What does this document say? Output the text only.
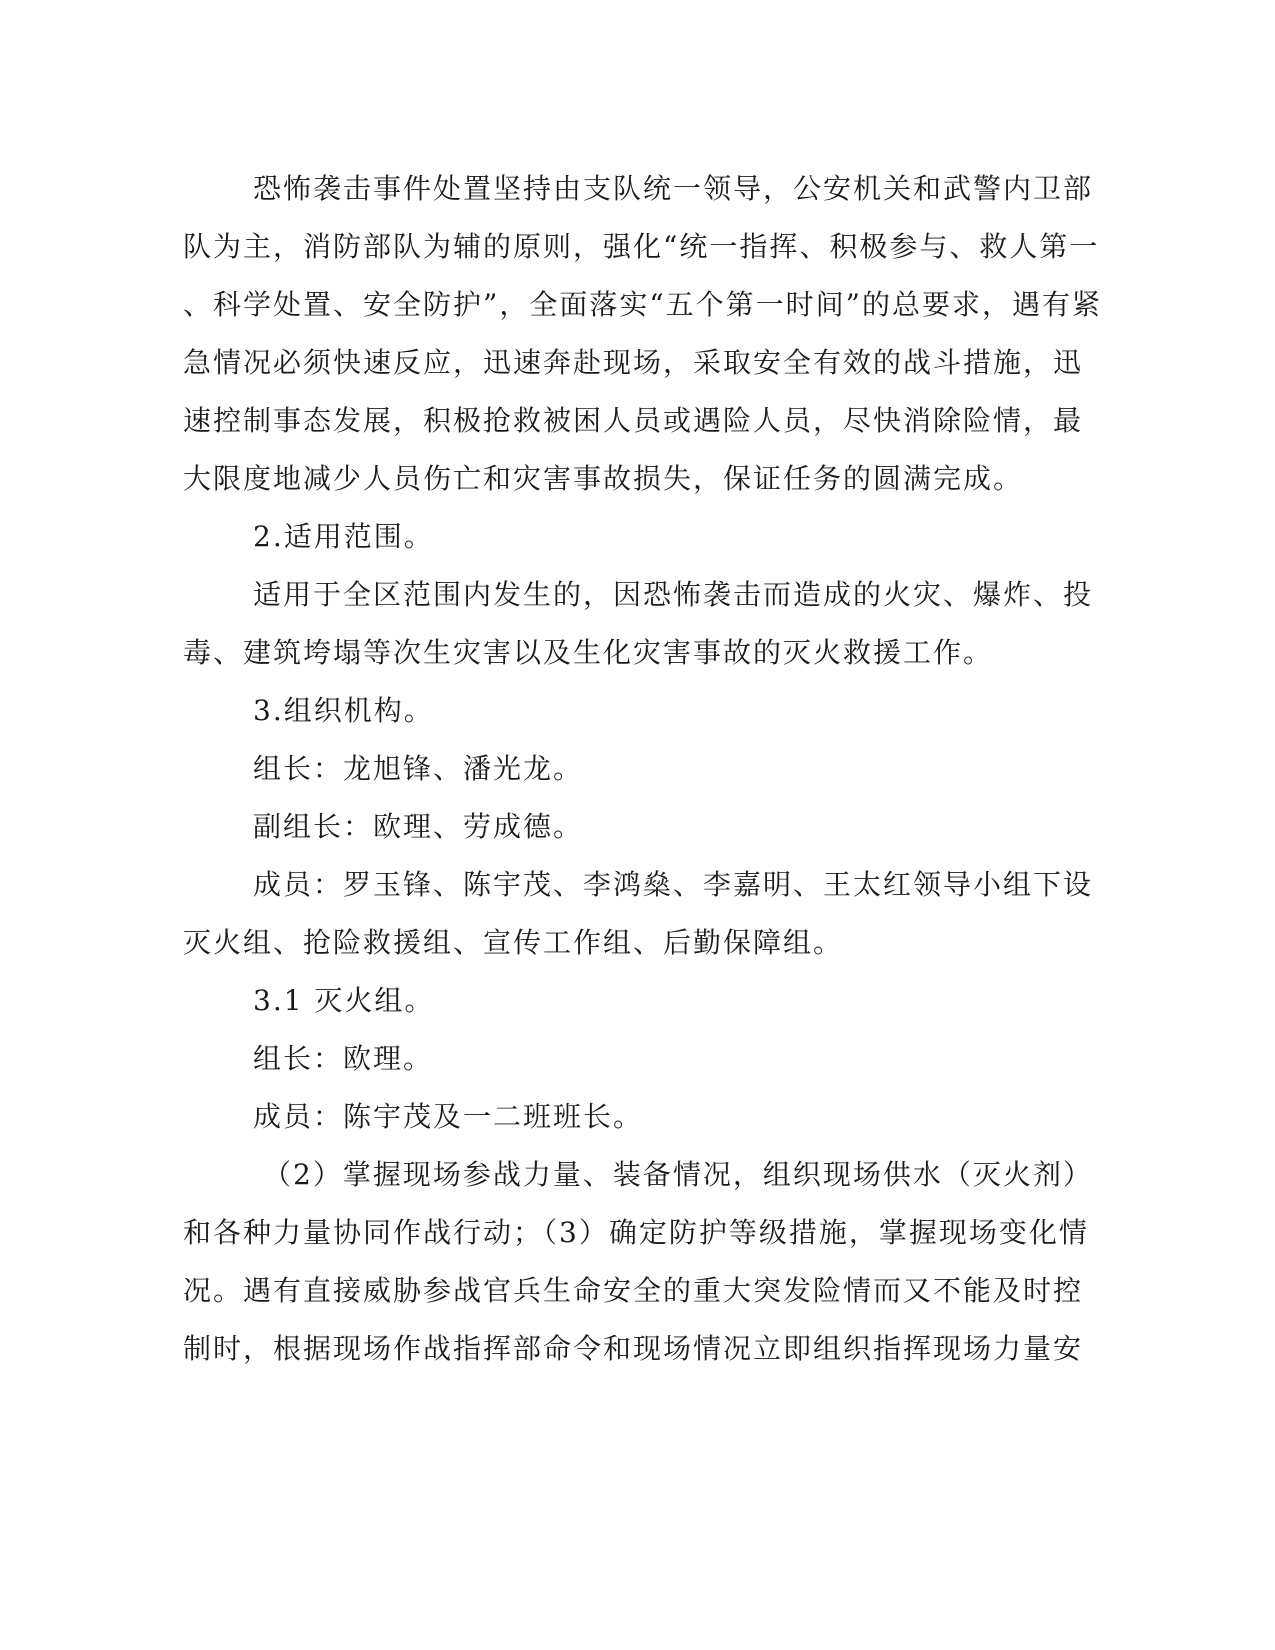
恐怖袭击事件处置坚持由支队统一领导，公安机关和武警内卫部
队为主，消防部队为辅的原则，强化“统一指挥、积极参与、救人第一
、科学处置、安全防护”，全面落实“五个第一时间”的总要求，遇有紧
急情况必须快速反应，迅速奔赴现场，采取安全有效的战斗措施，迅
速控制事态发展，积极抢救被困人员或遇险人员，尽快消除险情，最
大限度地减少人员伤亡和灾害事故损失，保证任务的圆满完成。

2.适用范围。

适用于全区范围内发生的，因恐怖袭击而造成的火灾、爆炸、投
毒、建筑垮塌等次生灾害以及生化灾害事故的灭火救援工作。

3.组织机构。

组长：龙旭锋、潘光龙。

副组长：欧理、劳成德。

成员：罗玉锋、陈宇茂、李鸿燊、李嘉明、王太红领导小组下设
灭火组、抢险救援组、宣传工作组、后勤保障组。

3.1 灭火组。

组长：欧理。

成员：陈宇茂及一二班班长。

（2）掌握现场参战力量、装备情况，组织现场供水（灭火剂）
和各种力量协同作战行动；（3）确定防护等级措施，掌握现场变化情
况。遇有直接威胁参战官兵生命安全的重大突发险情而又不能及时控
制时，根据现场作战指挥部命令和现场情况立即组织指挥现场力量安
